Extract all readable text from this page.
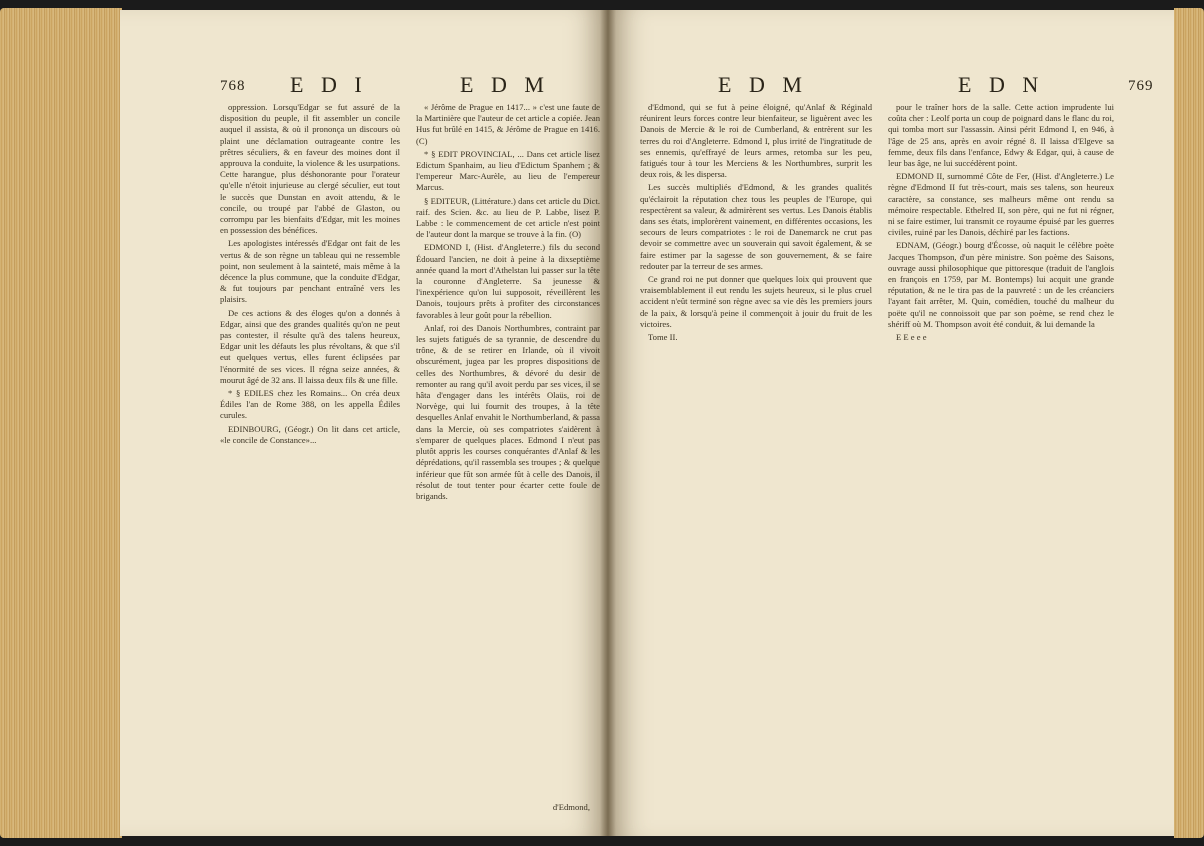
768 E D I	E D M

oppression. Lorsqu'Edgar se fut assuré de la disposition du peuple, il fit assembler un concile auquel il assista, & où il prononça un discours où plaint une déclamation outrageante contre les prêtres séculiers, & en faveur des moines dont il approuva la conduite, la violence & les usurpations. Cette harangue, plus déshonorante pour l'orateur qu'elle n'étoit injurieuse au clergé séculier, eut tout le succès que Dunstan en avoit attendu, & le concile, ou troupé par l'abbé de Glaston, ou corrompu par les bienfaits d'Edgar, mit les moines en possession des bénéfices.

Les apologistes intéressés d'Edgar ont fait de les vertus & de son règne un tableau qui ne ressemble point, non seulement à la sainteté, mais même à la décence la plus commune, que la conduite d'Edgar, & fut toujours par penchant entraîné vers les plaisirs.

De ces actions & des éloges qu'on a donnés à Edgar, ainsi que des grandes qualités qu'on ne peut pas contester, il résulte qu'à des talens heureux, Edgar unit les défauts les plus révoltans, & que s'il eut quelques vertus, elles furent éclipsées par l'énormité de ses vices. Il régna seize années, & mourut âgé de 32 ans. Il laissa deux fils & une fille.

* § EDILES chez les Romains... On créa deux Édiles l'an de Rome 388, on les appella Édiles curules.

EDINBOURG, (Géogr.) On lit dans cet article, «le concile de Constance»...

« Jérôme de Prague en 1417... » c'est une faute de la Martinière que l'auteur de cet article a copiée. Jean Hus fut brûlé en 1415, & Jérôme de Prague en 1416. (C)

* § EDIT PROVINCIAL, ... Dans cet article lisez Edictum Spanhaim, au lieu d'Edictum Spanhem ; & l'empereur Marc-Aurèle, au lieu de l'empereur Marcus.

§ EDITEUR, (Littérature.) dans cet article du Dict. raif. des Scien. &c. au lieu de P. Labbe, lisez P. Labbe : le commencement de cet article n'est point de l'auteur dont la marque se trouve à la fin. (O)

EDMOND I, (Hist. d'Angleterre.) fils du second Édouard l'ancien, ne doit à peine à la dixseptième année quand la mort d'Athelstan lui passer sur la tête la couronne d'Angleterre. Sa jeunesse & l'inexpérience qu'on lui supposoit, réveillèrent les Danois, toujours prêts à profiter des circonstances favorables à leur goût pour la rébellion.

Anlaf, roi des Danois Northumbres, contraint par les sujets fatigués de sa tyrannie, de descendre du trône, & de se retirer en Irlande, où il vivoit obscurément, jugea par les propres dispositions de celles des Northumbres, & dévoré du desir de remonter au rang qu'il avoit perdu par ses vices, il se hâta d'engager dans les intérêts Olaüs, roi de Norvège, qui lui fournit des troupes, à la tête desquelles Anlaf envahit le Northumberland, & passa dans la Mercie, où ses compatriotes s'aidèrent à s'emparer de quelques places. Edmond I n'eut pas plutôt appris les courses conquérantes d'Anlaf & les déprédations, qu'il rassembla ses troupes ; & quelque inférieur que fût son armée fût à celle des Danois, il résolut de tout tenter pour écarter cette foule de brigands.

d'Edmond,
E D M	E D N	769

d'Edmond, qui se fut à peine éloigné, qu'Anlaf & Réginald réunirent leurs forces contre leur bienfaiteur, se liguèrent avec les Danois de Mercie & le roi de Cumberland, & entrèrent sur les terres du roi d'Angleterre. Edmond I, plus irrité de l'ingratitude de ses ennemis, qu'effrayé de leurs armes, retomba sur les peu, fatigués tour à tour les Merciens & les Northumbres, surprit les deux rois, & les dispersa.

Les succès multipliés d'Edmond, & les grandes qualités qu'éclairoit la réputation chez tous les peuples de l'Europe, qui respectèrent sa valeur, & admirèrent ses vertus. Les Danois établis dans ses états, implorèrent vainement, en différentes occasions, les secours de leurs compatriotes : le roi de Danemarck ne crut pas devoir se commettre avec un souverain qui savoit également, & se faire estimer par la sagesse de son gouvernement, & se faire redouter par la terreur de ses armes.

Ce grand roi ne put donner que quelques loix qui prouvent que vraisemblablement il eut rendu les sujets heureux, si le plus cruel accident n'eût terminé son règne avec sa vie dès les premiers jours de la paix, & lorsqu'à peine il commençoit à jouir du fruit de les victoires.

Tome II.

pour le traîner hors de la salle. Cette action imprudente lui coûta cher : Leolf porta un coup de poignard dans le flanc du roi, qui tomba mort sur l'assassin. Ainsi périt Edmond I, en 946, à l'âge de 25 ans, après en avoir régné 8. Il laissa d'Elgeve sa femme, deux fils dans l'enfance, Edwy & Edgar, qui, à cause de leur bas âge, ne lui succédèrent point.

EDMOND II, surnommé Côte de Fer, (Hist. d'Angleterre.) Le règne d'Edmond II fut très-court, mais ses talens, son heureux caractère, sa constance, ses malheurs même ont rendu sa mémoire respectable. Ethelred II, son père, qui ne fut ni régner, ni se faire estimer, lui transmit ce royaume épuisé par les guerres civiles, ruiné par les Danois, déchiré par les factions.

EDNAM, (Géogr.) bourg d'Écosse, où naquit le célèbre poète Jacques Thompson, d'un père ministre. Son poème des Saisons, ouvrage aussi philosophique que pittoresque (traduit de l'anglois en françois en 1759, par M. Bontemps) lui acquit une grande réputation, & ne le tira pas de la pauvreté : un de les créanciers l'ayant fait arrêter, M. Quin, comédien, touché du malheur du poëte qu'il ne connoissoit que par son poème, se rend chez le shériff où M. Thompson avoit été conduit, & lui demande la

E E e e e
